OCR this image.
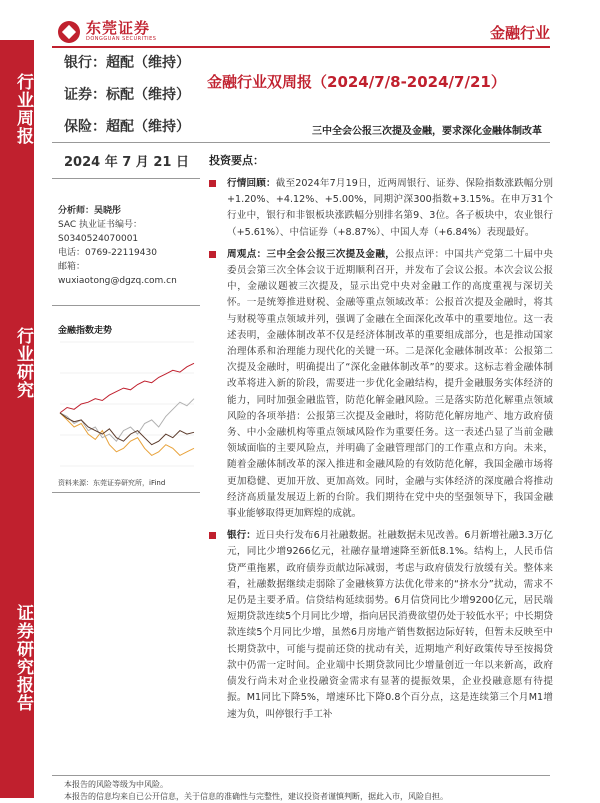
行业周报
行业研究
证券研究报告
东莞证券
DONGGUAN SECURITIES	金融行业
银行：超配（维持）
证券：标配（维持）
保险：超配（维持）
金融行业双周报（2024/7/8-2024/7/21）
三中全会公报三次提及金融，要求深化金融体制改革
2024 年 7 月 21 日
分析师：吴晓彤
SAC 执业证书编号：
S0340524070001
电话：0769-22119430
邮箱：
wuxiaotong@dgzq.com.cn
金融指数走势
资料来源：东莞证券研究所，iFind
投资要点：
行情回顾：截至2024年7月19日，近两周银行、证券、保险指数涨跌幅分别+1.20%、+4.12%、+5.00%，同期沪深300指数+3.15%。在申万31个行业中，银行和非银板块涨跌幅分别排名第9、3位。各子板块中，农业银行（+5.61%）、中信证券（+8.87%）、中国人寿（+6.84%）表现最好。
周观点：三中全会公报三次提及金融，公报点评：中国共产党第二十届中央委员会第三次全体会议于近期顺利召开，并发布了会议公报。本次会议公报中，金融议题被三次提及，显示出党中央对金融工作的高度重视与深切关怀。一是统筹推进财税、金融等重点领域改革：公报首次提及金融时，将其与财税等重点领域并列，强调了金融在全面深化改革中的重要地位。这一表述表明，金融体制改革不仅是经济体制改革的重要组成部分，也是推动国家治理体系和治理能力现代化的关键一环。二是深化金融体制改革：公报第二次提及金融时，明确提出了“深化金融体制改革”的要求。这标志着金融体制改革将进入新的阶段，需要进一步优化金融结构，提升金融服务实体经济的能力，同时加强金融监管，防范化解金融风险。三是落实防范化解重点领域风险的各项举措：公报第三次提及金融时，将防范化解房地产、地方政府债务、中小金融机构等重点领域风险作为重要任务。这一表述凸显了当前金融领域面临的主要风险点，并明确了金融管理部门的工作重点和方向。未来，随着金融体制改革的深入推进和金融风险的有效防范化解，我国金融市场将更加稳健、更加开放、更加高效。同时，金融与实体经济的深度融合将推动经济高质量发展迈上新的台阶。我们期待在党中央的坚强领导下，我国金融事业能够取得更加辉煌的成就。
银行：近日央行发布6月社融数据。社融数据未见改善。6月新增社融3.3万亿元，同比少增9266亿元，社融存量增速降至新低8.1%。结构上，人民币信贷严重拖累，政府债券贡献边际减弱，考虑与政府债发行放缓有关。整体来看，社融数据继续走弱除了金融核算方法优化带来的“挤水分”扰动，需求不足仍是主要矛盾。信贷结构延续弱势。6月信贷同比少增9200亿元，居民端短期贷款连续5个月同比少增，指向居民消费欲望仍处于较低水平；中长期贷款连续5个月同比少增，虽然6月房地产销售数据边际好转，但暂未反映至中长期贷款中，可能与提前还贷的扰动有关，近期地产利好政策传导至按揭贷款中仍需一定时间。企业端中长期贷款同比少增量创近一年以来新高，政府债发行尚未对企业投融资金需求有显著的提振效果，企业投融意愿有待提振。M1同比下降5%，增速环比下降0.8个百分点，这是连续第三个月M1增速为负，叫停银行手工补
本报告的风险等级为中风险。
本报告的信息均来自已公开信息，关于信息的准确性与完整性，建议投资者谨慎判断，据此入市，风险自担。
